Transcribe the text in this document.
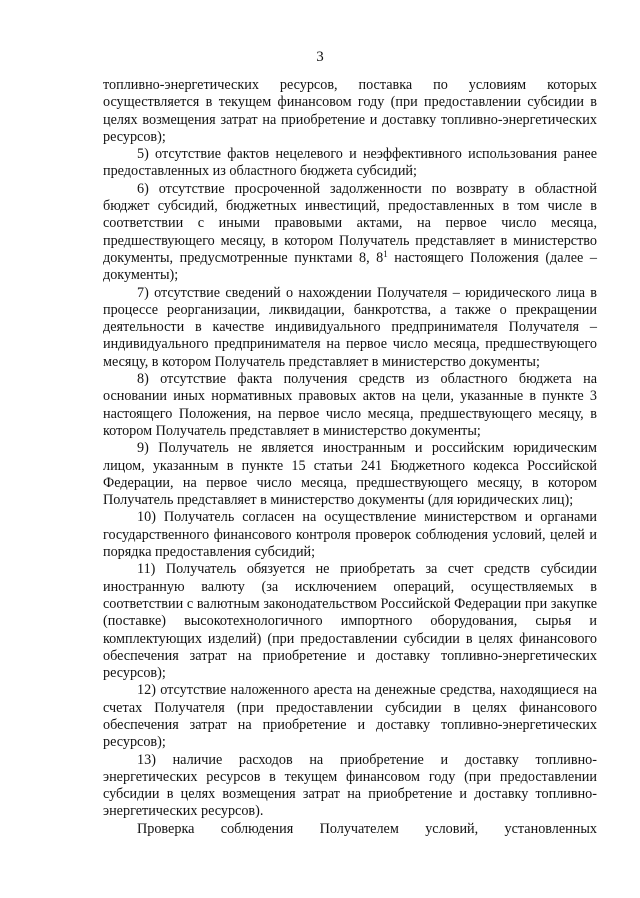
3

топливно-энергетических ресурсов, поставка по условиям которых осуществляется в текущем финансовом году (при предоставлении субсидии в целях возмещения затрат на приобретение и доставку топливно-энергетических ресурсов);

5) отсутствие фактов нецелевого и неэффективного использования ранее предоставленных из областного бюджета субсидий;

6) отсутствие просроченной задолженности по возврату в областной бюджет субсидий, бюджетных инвестиций, предоставленных в том числе в соответствии с иными правовыми актами, на первое число месяца, предшествующего месяцу, в котором Получатель представляет в министерство документы, предусмотренные пунктами 8, $8^1$ настоящего Положения (далее – документы);

7) отсутствие сведений о нахождении Получателя – юридического лица в процессе реорганизации, ликвидации, банкротства, а также о прекращении деятельности в качестве индивидуального предпринимателя Получателя – индивидуального предпринимателя на первое число месяца, предшествующего месяцу, в котором Получатель представляет в министерство документы;

8) отсутствие факта получения средств из областного бюджета на основании иных нормативных правовых актов на цели, указанные в пункте 3 настоящего Положения, на первое число месяца, предшествующего месяцу, в котором Получатель представляет в министерство документы;

9) Получатель не является иностранным и российским юридическим лицом, указанным в пункте 15 статьи 241 Бюджетного кодекса Российской Федерации, на первое число месяца, предшествующего месяцу, в котором Получатель представляет в министерство документы (для юридических лиц);

10) Получатель согласен на осуществление министерством и органами государственного финансового контроля проверок соблюдения условий, целей и порядка предоставления субсидий;

11) Получатель обязуется не приобретать за счет средств субсидии иностранную валюту (за исключением операций, осуществляемых в соответствии с валютным законодательством Российской Федерации при закупке (поставке) высокотехнологичного импортного оборудования, сырья и комплектующих изделий) (при предоставлении субсидии в целях финансового обеспечения затрат на приобретение и доставку топливно-энергетических ресурсов);

12) отсутствие наложенного ареста на денежные средства, находящиеся на счетах Получателя (при предоставлении субсидии в целях финансового обеспечения затрат на приобретение и доставку топливно-энергетических ресурсов);

13) наличие расходов на приобретение и доставку топливно-энергетических ресурсов в текущем финансовом году (при предоставлении субсидии в целях возмещения затрат на приобретение и доставку топливно-энергетических ресурсов).

Проверка соблюдения Получателем условий, установленных
